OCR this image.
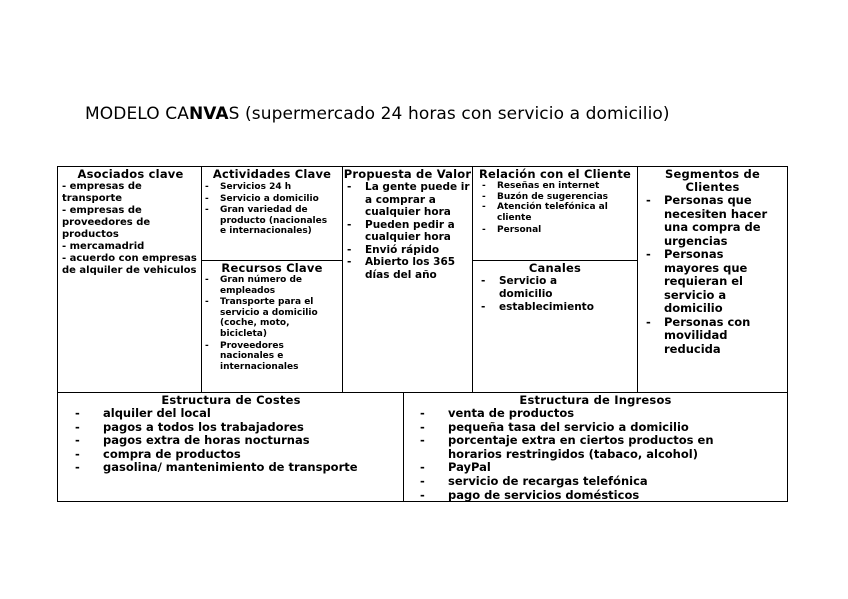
MODELO CANVAS (supermercado 24 horas con servicio a domicilio)
Asociados clave
- empresas de transporte
- empresas de proveedores de productos
- mercamadrid
- acuerdo con empresas de alquiler de vehiculos
Actividades Clave
- Servicios 24 h
- Servicio a domicilio
- Gran variedad de producto (nacionales e internacionales)
Recursos Clave
- Gran número de empleados
- Transporte para el servicio a domicilio (coche, moto, bicicleta)
- Proveedores nacionales e internacionales
Propuesta de Valor
- La gente puede ir a comprar a cualquier hora
- Pueden pedir a cualquier hora
- Envió rápido
- Abierto los 365 días del año
Relación con el Cliente
- Reseñas en internet
- Buzón de sugerencias
- Atención telefónica al cliente
- Personal
Canales
- Servicio a domicilio
- establecimiento
Segmentos de Clientes
- Personas que necesiten hacer una compra de urgencias
- Personas mayores que requieran el servicio a domicilio
- Personas con movilidad reducida
Estructura de Costes
- alquiler del local
- pagos a todos los trabajadores
- pagos extra de horas nocturnas
- compra de productos
- gasolina/ mantenimiento de transporte
Estructura de Ingresos
- venta de productos
- pequeña tasa del servicio a domicilio
- porcentaje extra en ciertos productos en horarios restringidos (tabaco, alcohol)
- PayPal
- servicio de recargas telefónica
- pago de servicios domésticos
